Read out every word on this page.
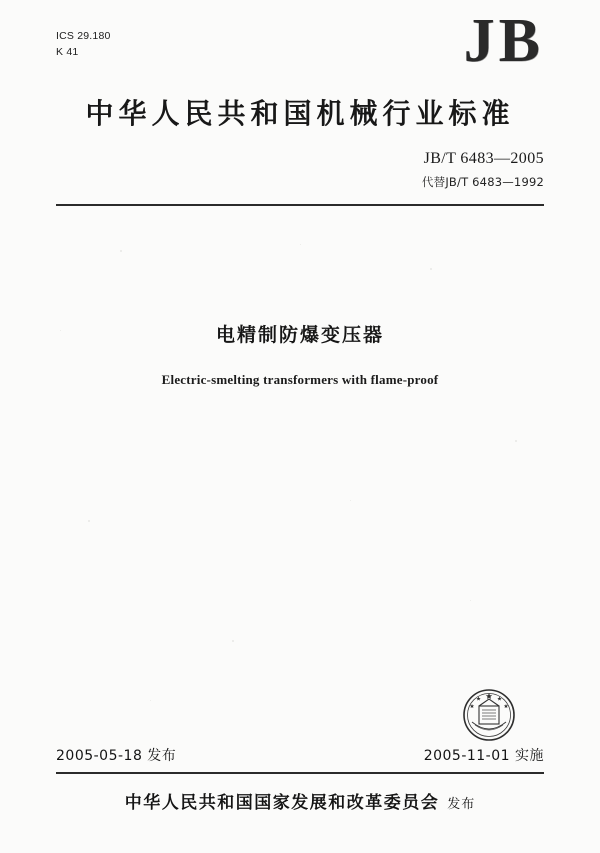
ICS 29.180
K 41	JB
中华人民共和国机械行业标准
JB/T 6483—2005
代替JB/T 6483—1992
电精制防爆变压器
Electric-smelting transformers with flame-proof
2005-05-18 发布	2005-11-01 实施
中华人民共和国国家发展和改革委员会 发布
